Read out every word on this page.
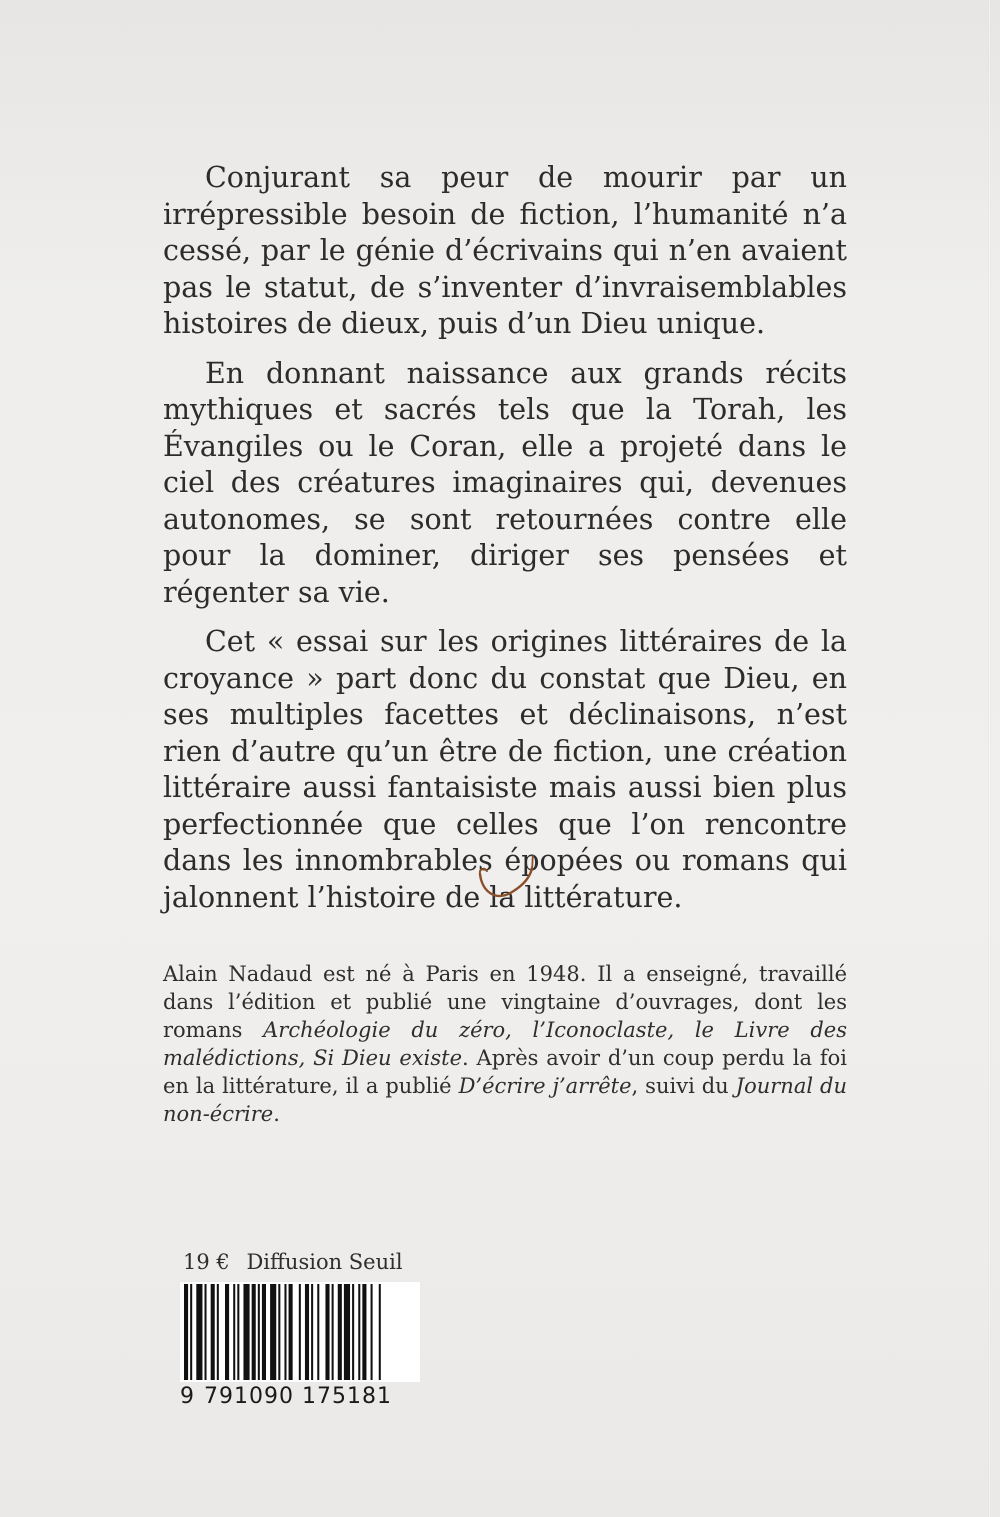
Conjurant sa peur de mourir par un irrépressible besoin de fiction, l’humanité n’a cessé, par le génie d’écrivains qui n’en avaient pas le statut, de s’inventer d’invraisemblables histoires de dieux, puis d’un Dieu unique.

En donnant naissance aux grands récits mythiques et sacrés tels que la Torah, les Évangiles ou le Coran, elle a projeté dans le ciel des créatures imaginaires qui, devenues autonomes, se sont retournées contre elle pour la dominer, diriger ses pensées et régenter sa vie.

Cet « essai sur les origines littéraires de la croyance » part donc du constat que Dieu, en ses multiples facettes et déclinaisons, n’est rien d’autre qu’un être de fiction, une création littéraire aussi fantaisiste mais aussi bien plus perfectionnée que celles que l’on rencontre dans les innombrables épopées ou romans qui jalonnent l’histoire de la littérature.

Alain Nadaud est né à Paris en 1948. Il a enseigné, travaillé dans l’édition et publié une vingtaine d’ouvrages, dont les romans Archéologie du zéro, l’Iconoclaste, le Livre des malédictions, Si Dieu existe. Après avoir d’un coup perdu la foi en la littérature, il a publié D’écrire j’arrête, suivi du Journal du non-écrire.
19 € Diffusion Seuil
9 791090 175181
